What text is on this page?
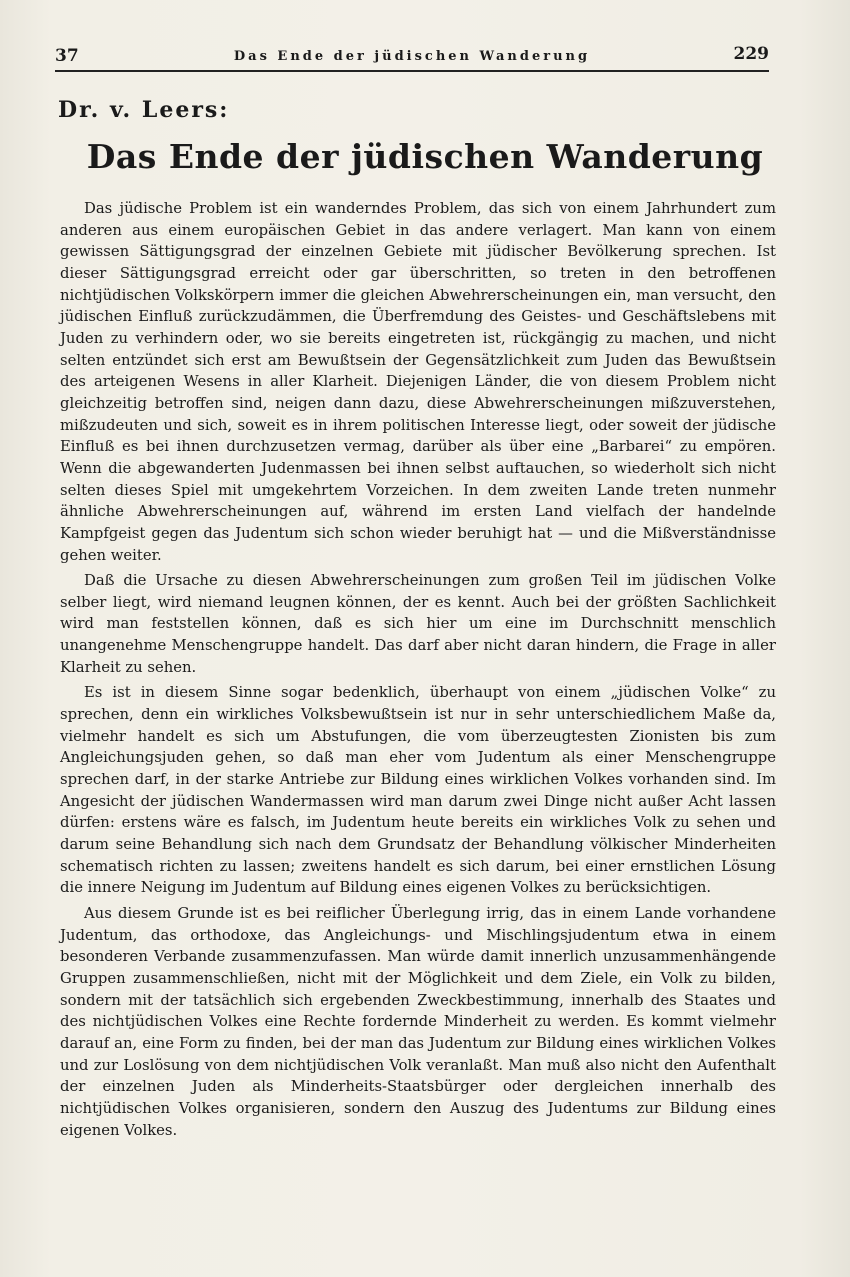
37	Das Ende der jüdischen Wanderung	229
Dr. v. Leers:
Das Ende der jüdischen Wanderung

Das jüdische Problem ist ein wanderndes Problem, das sich von einem Jahrhundert zum anderen aus einem europäischen Gebiet in das andere verlagert. Man kann von einem gewissen Sättigungsgrad der einzelnen Gebiete mit jüdischer Bevölkerung sprechen. Ist dieser Sättigungsgrad erreicht oder gar überschritten, so treten in den betroffenen nichtjüdischen Volkskörpern immer die gleichen Abwehrerscheinungen ein, man versucht, den jüdischen Einfluß zurückzudämmen, die Überfremdung des Geistes- und Geschäftslebens mit Juden zu verhindern oder, wo sie bereits eingetreten ist, rückgängig zu machen, und nicht selten entzündet sich erst am Bewußtsein der Gegensätzlichkeit zum Juden das Bewußtsein des arteigenen Wesens in aller Klarheit. Diejenigen Länder, die von diesem Problem nicht gleichzeitig betroffen sind, neigen dann dazu, diese Abwehrerscheinungen mißzuverstehen, mißzudeuten und sich, soweit es in ihrem politischen Interesse liegt, oder soweit der jüdische Einfluß es bei ihnen durchzusetzen vermag, darüber als über eine „Barbarei“ zu empören. Wenn die abgewanderten Judenmassen bei ihnen selbst auftauchen, so wiederholt sich nicht selten dieses Spiel mit umgekehrtem Vorzeichen. In dem zweiten Lande treten nunmehr ähnliche Abwehrerscheinungen auf, während im ersten Land vielfach der handelnde Kampfgeist gegen das Judentum sich schon wieder beruhigt hat — und die Mißverständnisse gehen weiter.

Daß die Ursache zu diesen Abwehrerscheinungen zum großen Teil im jüdischen Volke selber liegt, wird niemand leugnen können, der es kennt. Auch bei der größten Sachlichkeit wird man feststellen können, daß es sich hier um eine im Durchschnitt menschlich unangenehme Menschengruppe handelt. Das darf aber nicht daran hindern, die Frage in aller Klarheit zu sehen.

Es ist in diesem Sinne sogar bedenklich, überhaupt von einem „jüdischen Volke“ zu sprechen, denn ein wirkliches Volksbewußtsein ist nur in sehr unterschiedlichem Maße da, vielmehr handelt es sich um Abstufungen, die vom überzeugtesten Zionisten bis zum Angleichungsjuden gehen, so daß man eher vom Judentum als einer Menschengruppe sprechen darf, in der starke Antriebe zur Bildung eines wirklichen Volkes vorhanden sind. Im Angesicht der jüdischen Wandermassen wird man darum zwei Dinge nicht außer Acht lassen dürfen: erstens wäre es falsch, im Judentum heute bereits ein wirkliches Volk zu sehen und darum seine Behandlung sich nach dem Grundsatz der Behandlung völkischer Minderheiten schematisch richten zu lassen; zweitens handelt es sich darum, bei einer ernstlichen Lösung die innere Neigung im Judentum auf Bildung eines eigenen Volkes zu berücksichtigen.

Aus diesem Grunde ist es bei reiflicher Überlegung irrig, das in einem Lande vorhandene Judentum, das orthodoxe, das Angleichungs- und Mischlingsjudentum etwa in einem besonderen Verbande zusammenzufassen. Man würde damit innerlich unzusammenhängende Gruppen zusammenschließen, nicht mit der Möglichkeit und dem Ziele, ein Volk zu bilden, sondern mit der tatsächlich sich ergebenden Zweckbestimmung, innerhalb des Staates und des nichtjüdischen Volkes eine Rechte fordernde Minderheit zu werden. Es kommt vielmehr darauf an, eine Form zu finden, bei der man das Judentum zur Bildung eines wirklichen Volkes und zur Loslösung von dem nichtjüdischen Volk veranlaßt. Man muß also nicht den Aufenthalt der einzelnen Juden als Minderheits-Staatsbürger oder dergleichen innerhalb des nichtjüdischen Volkes organisieren, sondern den Auszug des Judentums zur Bildung eines eigenen Volkes.
